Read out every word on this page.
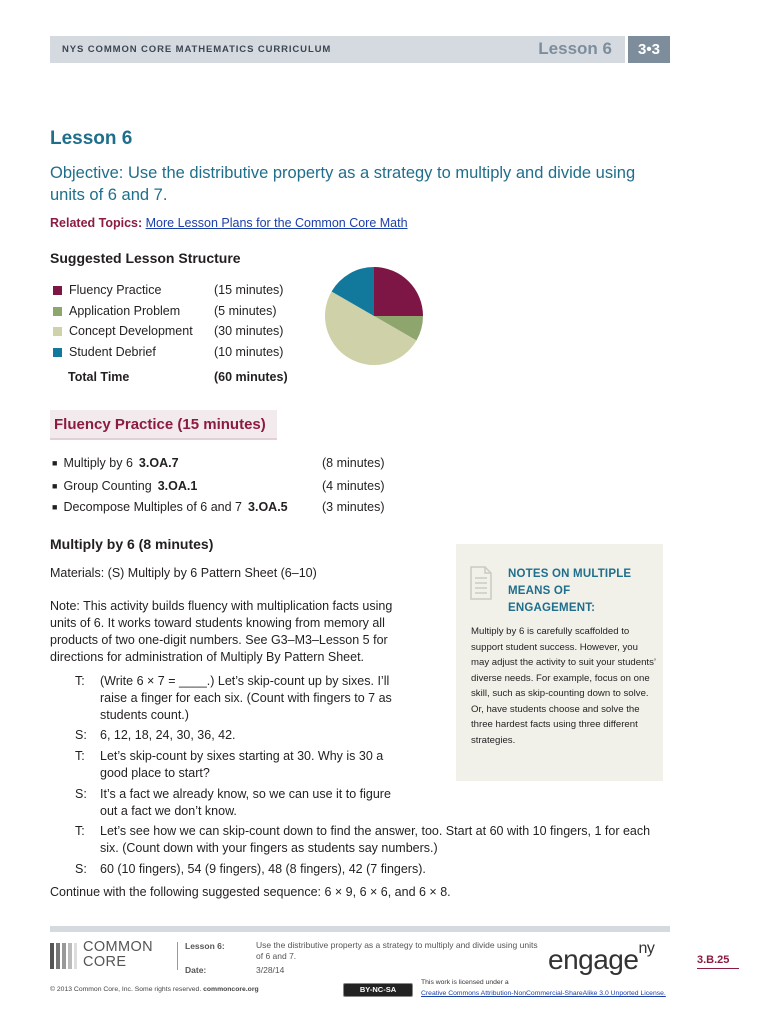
NYS COMMON CORE MATHEMATICS CURRICULUM	Lesson 6	3•3
Lesson 6
Objective: Use the distributive property as a strategy to multiply and divide using units of 6 and 7.
Related Topics: More Lesson Plans for the Common Core Math
Suggested Lesson Structure
Fluency Practice	(15 minutes)
Application Problem	(5 minutes)
Concept Development (30 minutes)
Student Debrief	(10 minutes)
Total Time	(60 minutes)
Fluency Practice (15 minutes)
■ Multiply by 6 3.OA.7	(8 minutes)
■ Group Counting 3.OA.1	(4 minutes)
■ Decompose Multiples of 6 and 7 3.OA.5	(3 minutes)
Multiply by 6 (8 minutes)
Materials: (S) Multiply by 6 Pattern Sheet (6–10)
Note: This activity builds fluency with multiplication facts using units of 6. It works toward students knowing from memory all products of two one-digit numbers. See G3–M3–Lesson 5 for directions for administration of Multiply By Pattern Sheet.
T:	(Write 6 × 7 = ____.) Let’s skip-count up by sixes. I’ll raise a finger for each six. (Count with fingers to 7 as students count.)
S:	6, 12, 18, 24, 30, 36, 42.
T:	Let’s skip-count by sixes starting at 30. Why is 30 a good place to start?
S:	It’s a fact we already know, so we can use it to figure out a fact we don’t know.
T:	Let’s see how we can skip-count down to find the answer, too. Start at 60 with 10 fingers, 1 for each six. (Count down with your fingers as students say numbers.)
S:	60 (10 fingers), 54 (9 fingers), 48 (8 fingers), 42 (7 fingers).
Continue with the following suggested sequence: 6 × 9, 6 × 6, and 6 × 8.
NOTES ON MULTIPLE MEANS OF ENGAGEMENT:
Multiply by 6 is carefully scaffolded to support student success. However, you may adjust the activity to suit your students’ diverse needs. For example, focus on one skill, such as skip-counting down to solve. Or, have students choose and solve the three hardest facts using three different strategies.
COMMON
CORE
Lesson 6:
Date:
Use the distributive property as a strategy to multiply and divide using units of 6 and 7.
3/28/14	engage$^{ny}$
3.B.25
© 2013 Common Core, Inc. Some rights reserved. commoncore.org	BY-NC-SA
This work is licensed under a
Creative Commons Attribution-NonCommercial-ShareAlike 3.0 Unported License.
